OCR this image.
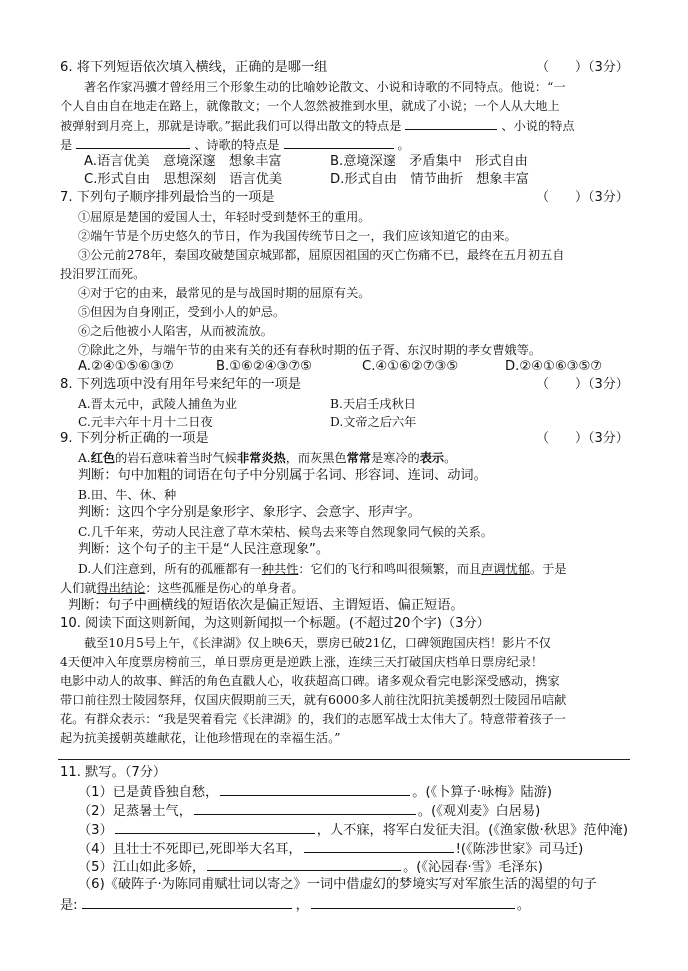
6. 将下列短语依次填入横线，正确的是哪一组	（　　）（3分）
著名作家冯骥才曾经用三个形象生动的比喻妙论散文、小说和诗歌的不同特点。他说：“一
个人自由自在地走在路上，就像散文；一个人忽然被推到水里，就成了小说；一个人从大地上
被弹射到月亮上，那就是诗歌。”据此我们可以得出散文的特点是	、小说的特点
是	、诗歌的特点是	。
A.语言优美　意境深邃　想象丰富	B.意境深邃　矛盾集中　形式自由
C.形式自由　思想深刻　语言优美	D.形式自由　情节曲折　想象丰富
7. 下列句子顺序排列最恰当的一项是	（　　）（3分）
①屈原是楚国的爱国人士，年轻时受到楚怀王的重用。
②端午节是个历史悠久的节日，作为我国传统节日之一，我们应该知道它的由来。
③公元前278年，秦国攻破楚国京城郢都，屈原因祖国的灭亡伤痛不已，最终在五月初五自
投汨罗江而死。
④对于它的由来，最常见的是与战国时期的屈原有关。
⑤但因为自身刚正，受到小人的妒忌。
⑥之后他被小人陷害，从而被流放。
⑦除此之外，与端午节的由来有关的还有春秋时期的伍子胥、东汉时期的孝女曹娥等。
A.②④①⑤⑥③⑦	B.①⑥②④③⑦⑤	C.④①⑥②⑦③⑤	D.②④①⑥③⑤⑦
8. 下列选项中没有用年号来纪年的一项是	（　　）（3分）
A.晋太元中，武陵人捕鱼为业	B.天启壬戌秋日
C.元丰六年十月十二日夜	D.文帝之后六年
9. 下列分析正确的一项是	（　　）（3分）
A.红色的岩石意味着当时气候非常炎热，而灰黑色常常是寒冷的表示。
判断：句中加粗的词语在句子中分别属于名词、形容词、连词、动词。
B.田、牛、休、种
判断：这四个字分别是象形字、象形字、会意字、形声字。
C.几千年来，劳动人民注意了草木荣枯、候鸟去来等自然现象同气候的关系。
判断：这个句子的主干是“人民注意现象”。
D.人们注意到，所有的孤雁都有一种共性：它们的飞行和鸣叫很频繁，而且声调忧郁。于是
人们就得出结论：这些孤雁是伤心的单身者。
判断：句子中画横线的短语依次是偏正短语、主谓短语、偏正短语。
10. 阅读下面这则新闻，为这则新闻拟一个标题。(不超过20个字)（3分）
截至10月5号上午，《长津湖》仅上映6天，票房已破21亿，口碑领跑国庆档！影片不仅
4天便冲入年度票房榜前三，单日票房更是逆跌上涨，连续三天打破国庆档单日票房纪录！
电影中动人的故事、鲜活的角色直戳人心，收获超高口碑。诸多观众看完电影深受感动，携家
带口前往烈士陵园祭拜，仅国庆假期前三天，就有6000多人前往沈阳抗美援朝烈士陵园吊唁献
花。有群众表示：“我是哭着看完《长津湖》的，我们的志愿军战士太伟大了。特意带着孩子一
起为抗美援朝英雄献花，让他珍惜现在的幸福生活。”
11. 默写。（7分）
（1）已是黄昏独自愁，	。(《卜算子·咏梅》陆游)
（2）足蒸暑土气，	。(《观刈麦》白居易)
（3）	，人不寐，将军白发征夫泪。(《渔家傲·秋思》范仲淹)
（4）且壮士不死即已,死即举大名耳，	!(《陈涉世家》司马迁)
（5）江山如此多娇，	。(《沁园春·雪》毛泽东)
（6)《破阵子·为陈同甫赋壮词以寄之》一词中借虚幻的梦境实写对军旅生活的渴望的句子
是:	，	。
